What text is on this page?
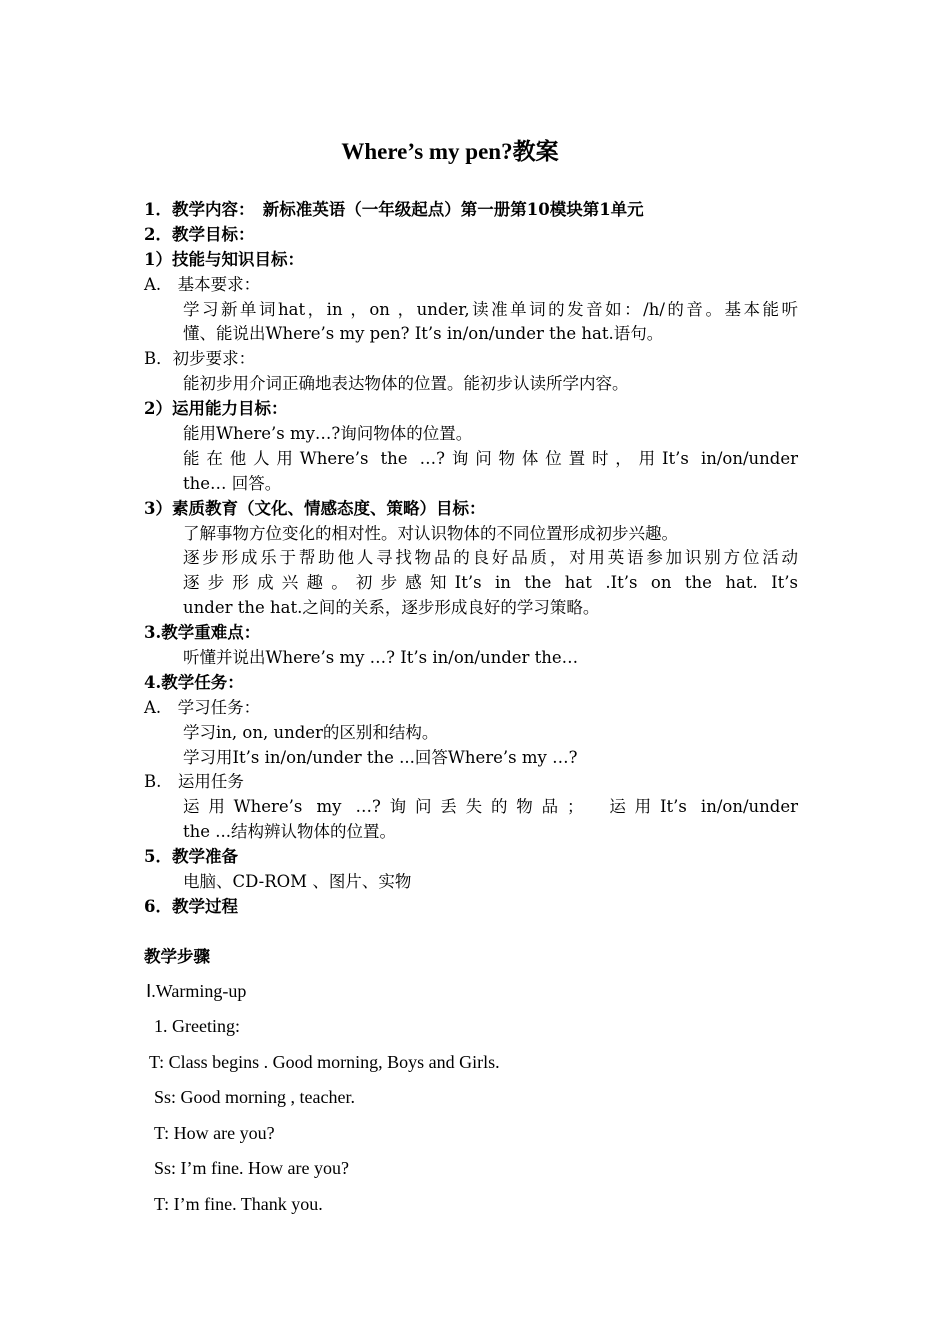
Where’s my pen?教案
1．教学内容：　新标准英语（一年级起点）第一册第10模块第1单元
2．教学目标：
1）技能与知识目标：
A.　基本要求：
学习新单词hat，in ，on ，under,读准单词的发音如：/h/的音。基本能听
懂、能说出Where’s my pen? It’s in/on/under the hat.语句。
B．初步要求：
能初步用介词正确地表达物体的位置。能初步认读所学内容。
2）运用能力目标：
能用Where’s my…?询问物体的位置。
能在他人用Where’s the …?询问物体位置时，用It’s in/on/under
the… 回答。
3）素质教育（文化、情感态度、策略）目标：
了解事物方位变化的相对性。对认识物体的不同位置形成初步兴趣。
逐步形成乐于帮助他人寻找物品的良好品质，对用英语参加识别方位活动
逐步形成兴趣。初步感知It’s in the hat .It’s on the hat. It’s
under the hat.之间的关系，逐步形成良好的学习策略。
3.教学重难点：
听懂并说出Where’s my …? It’s in/on/under the…
4.教学任务：
A.　学习任务：
学习in, on, under的区别和结构。
学习用It’s in/on/under the ...回答Where’s my …?
B.　运用任务
运用Where’s my …?询问丢失的物品；　运用It’s in/on/under
the ...结构辨认物体的位置。
5．教学准备
电脑、CD-ROM 、图片、实物
6．教学过程
教学步骤
Ⅰ.Warming-up
1. Greeting:
T: Class begins . Good morning, Boys and Girls.
Ss: Good morning , teacher.
T: How are you?
Ss: I’m fine. How are you?
T: I’m fine. Thank you.
